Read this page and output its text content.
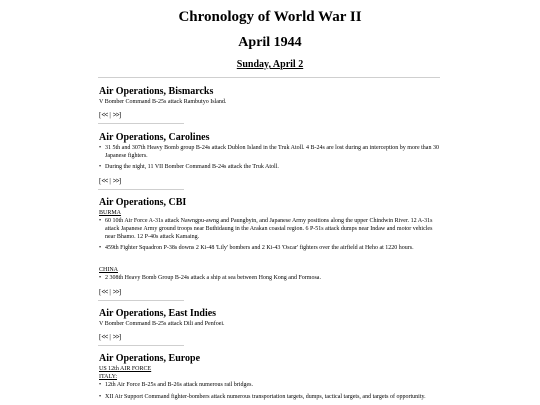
Chronology of World War II
April 1944
Sunday, April 2
Air Operations, Bismarcks
V Bomber Command B-25s attack Rambutyo Island.
[<< | >>]
Air Operations, Carolines
• 31 5th and 307th Heavy Bomb group B-24s attack Dublon Island in the Truk Atoll. 4 B-24s are lost during an interception by more than 30 Japanese fighters.
• During the night, 11 VII Bomber Command B-24s attack the Truk Atoll.
[<< | >>]
Air Operations, CBI
BURMA
• 60 10th Air Force A-31s attack Nawngpu-awng and Paungbyin, and Japanese Army positions along the upper Chindwin River. 12 A-31s attack Japanese Army ground troops near Buthidaung in the Arakan coastal region. 6 P-51s attack dumps near Indaw and motor vehicles near Bhamo. 12 P-40s attack Kamaing.
• 459th Fighter Squadron P-38s downs 2 Ki-48 'Lily' bombers and 2 Ki-43 'Oscar' fighters over the airfield at Heho at 1220 hours.
CHINA
• 2 308th Heavy Bomb Group B-24s attack a ship at sea between Hong Kong and Formosa.
[<< | >>]
Air Operations, East Indies
V Bomber Command B-25s attack Dili and Penfoei.
[<< | >>]
Air Operations, Europe
US 12th AIR FORCE
ITALY:
• 12th Air Force B-25s and B-26s attack numerous rail bridges.
• XII Air Support Command fighter-bombers attack numerous transportation targets, dumps, tactical targets, and targets of opportunity.
